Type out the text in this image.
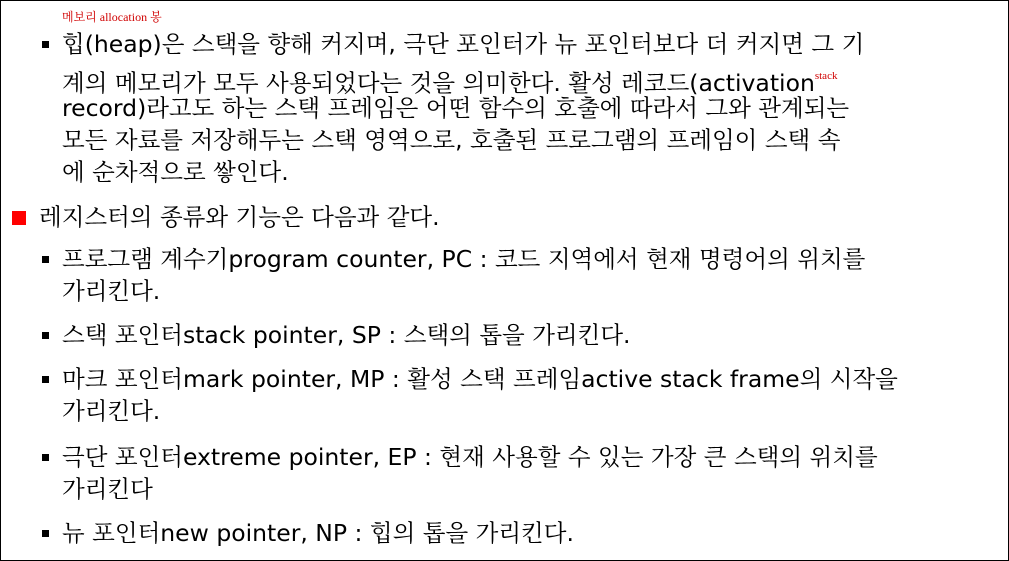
메보리 allocation 봉
힙(heap)은 스택을 향해 커지며, 극단 포인터가 뉴 포인터보다 더 커지면 그 기
계의 메모리가 모두 사용되었다는 것을 의미한다. 활성 레코드(activation$^{stack}$
record)라고도 하는 스택 프레임은 어떤 함수의 호출에 따라서 그와 관계되는
모든 자료를 저장해두는 스택 영역으로, 호출된 프로그램의 프레임이 스택 속
에 순차적으로 쌓인다.
레지스터의 종류와 기능은 다음과 같다.
프로그램 계수기program counter, PC : 코드 지역에서 현재 명령어의 위치를
가리킨다.
스택 포인터stack pointer, SP : 스택의 톱을 가리킨다.
마크 포인터mark pointer, MP : 활성 스택 프레임active stack frame의 시작을
가리킨다.
극단 포인터extreme pointer, EP : 현재 사용할 수 있는 가장 큰 스택의 위치를
가리킨다
뉴 포인터new pointer, NP : 힙의 톱을 가리킨다.
